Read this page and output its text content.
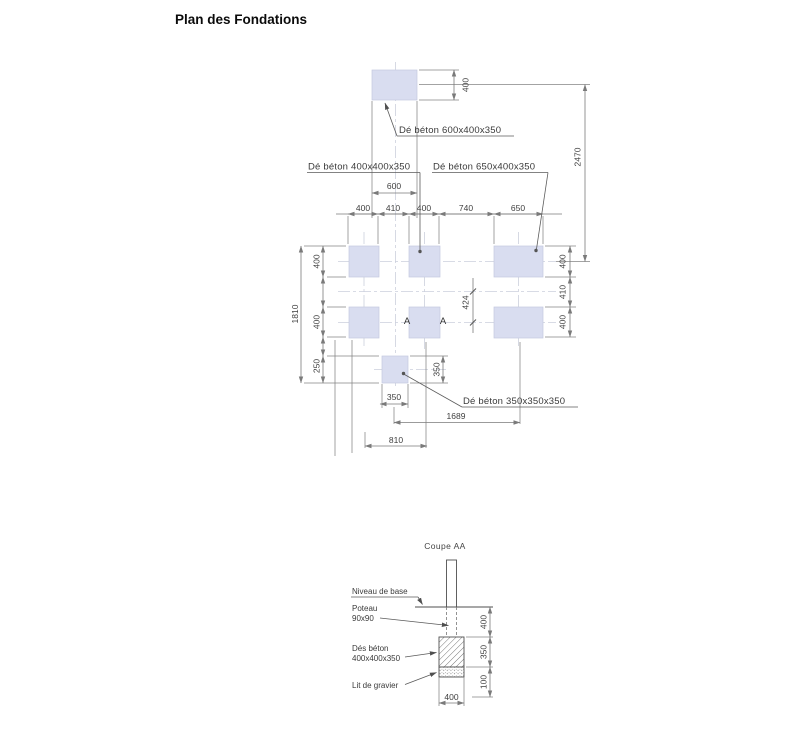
Plan des Fondations
400
2470
600
400 410 400	740	650
1810
400
400
250
400
410
400
424
350
350
1689
810
Dé béton 600x400x350
Dé béton 400x400x350 Dé béton 650x400x350
Dé béton 350x350x350
A	A
Coupe AA
400
350
100
400
Niveau de base
Poteau
90x90
Dés béton
400x400x350
Lit de gravier
